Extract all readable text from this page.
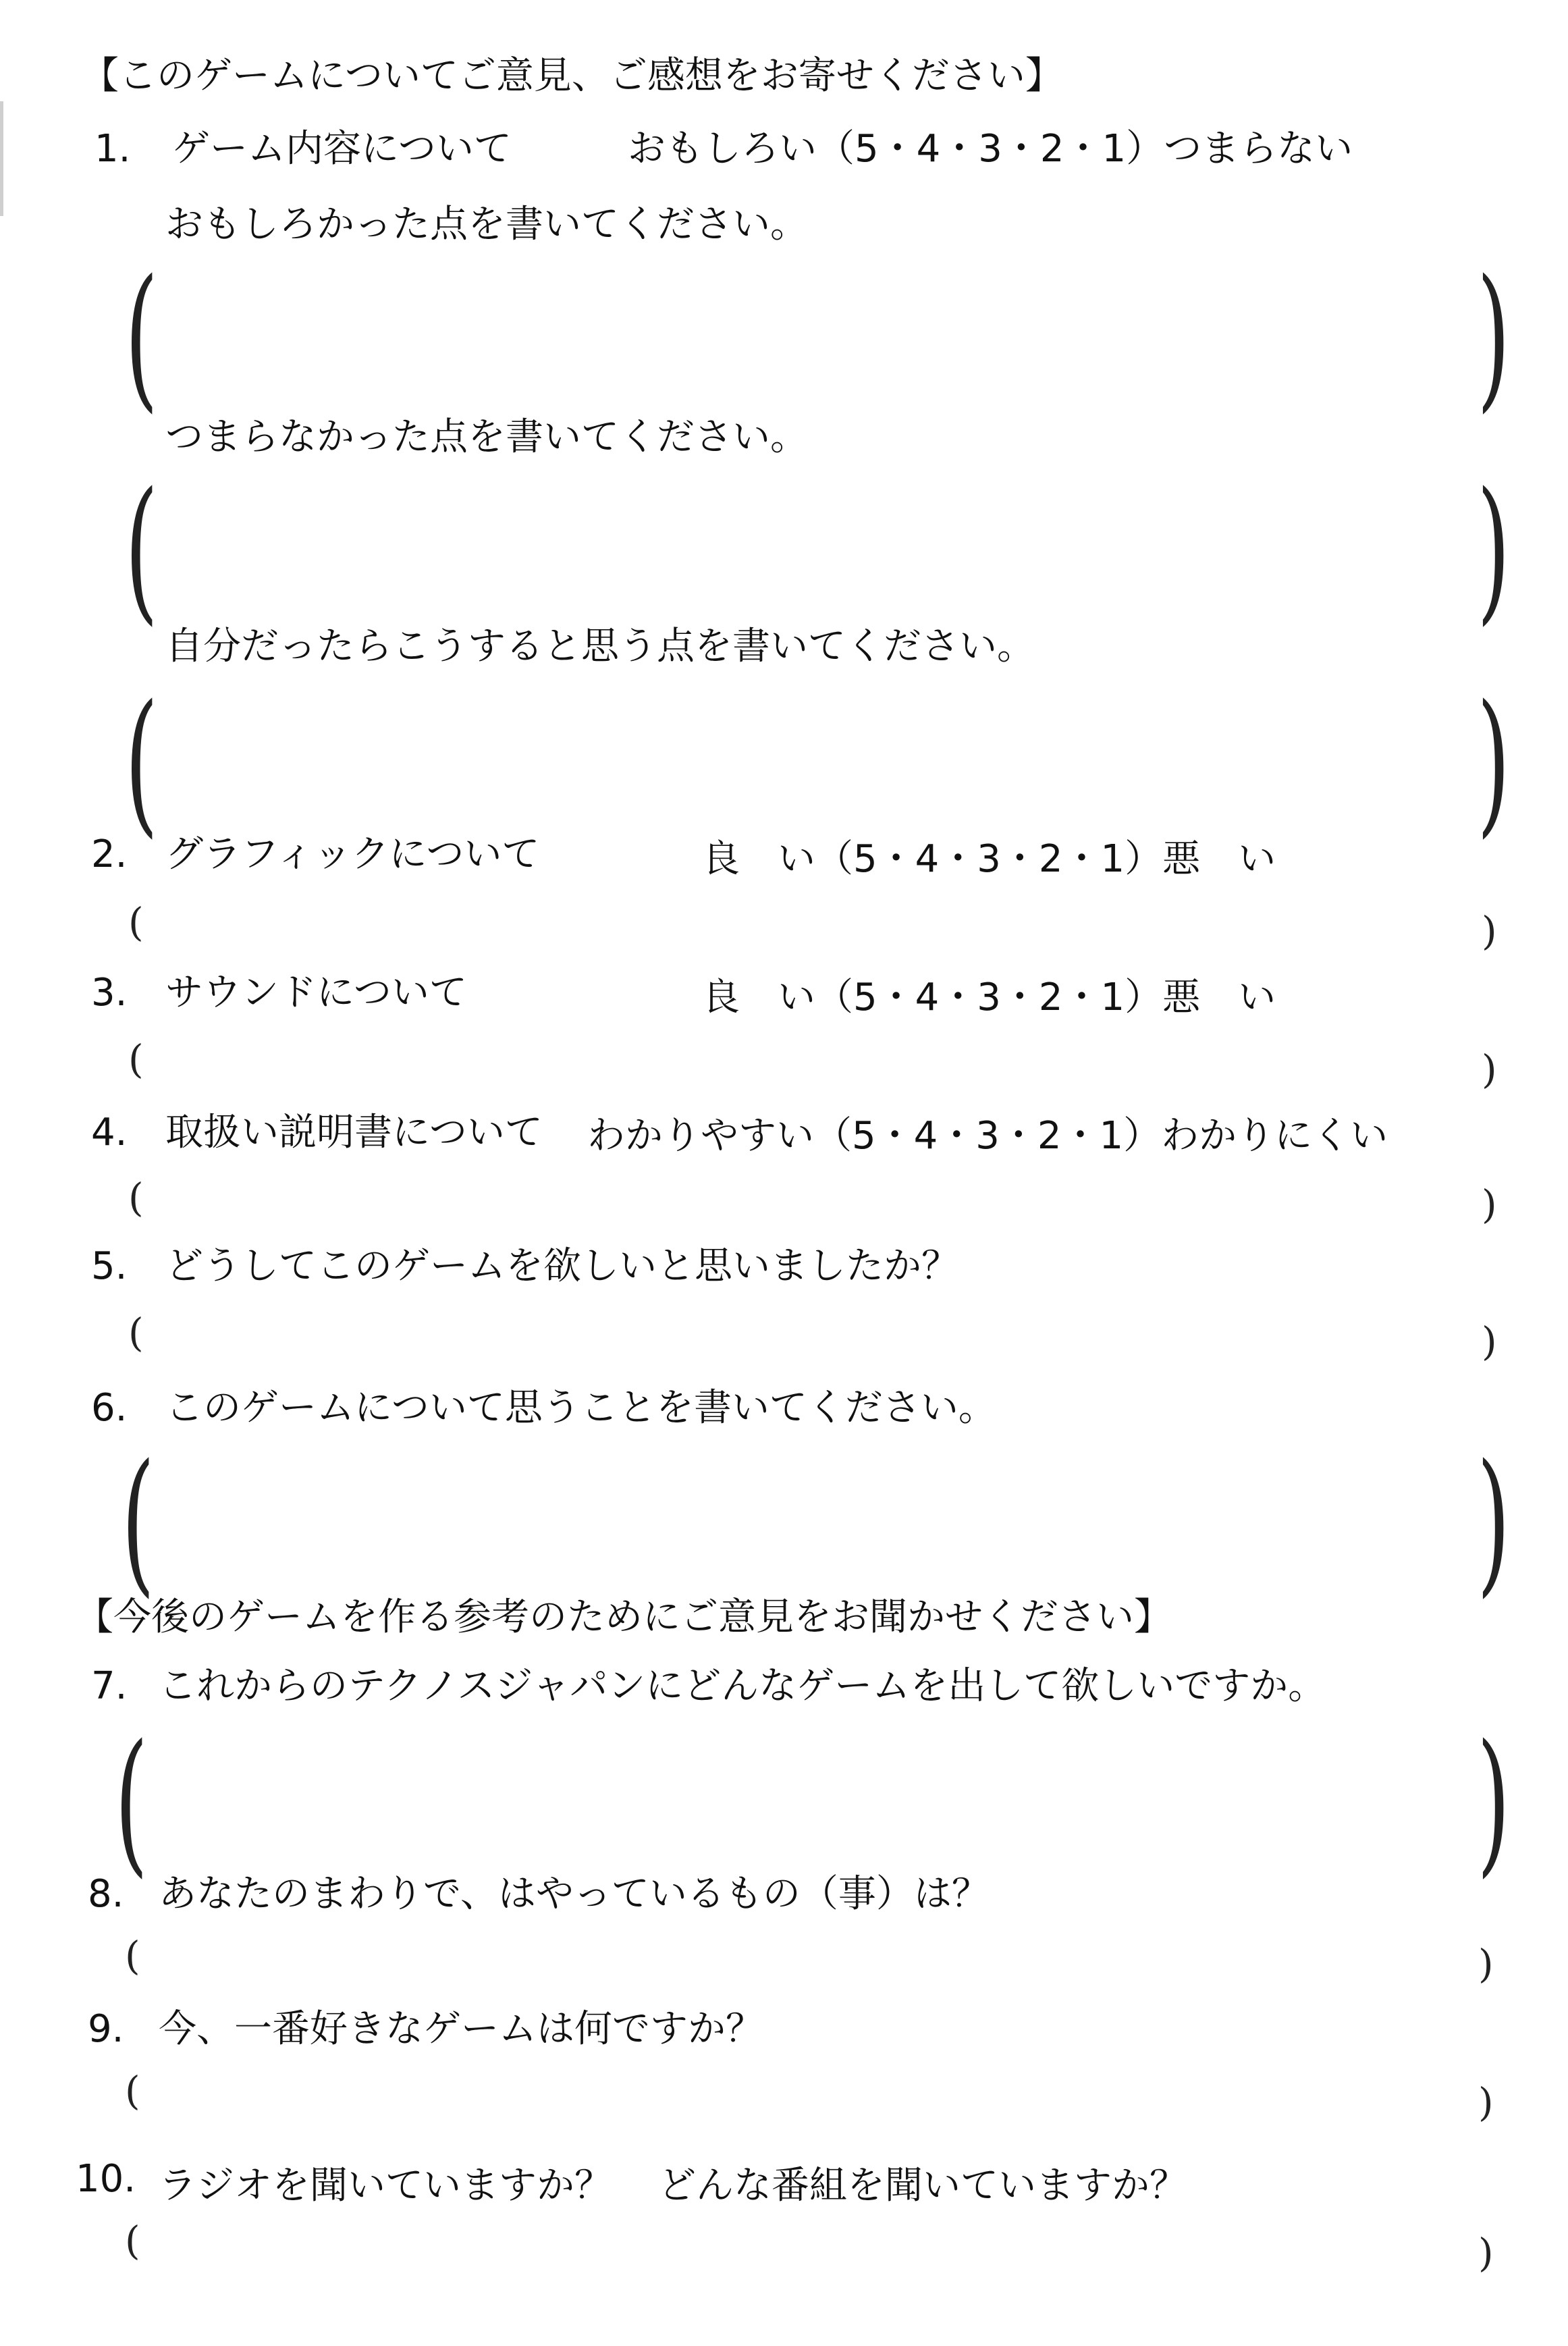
【このゲームについてご意見、ご感想をお寄せください】
1. ゲーム内容について	おもしろい（5・4・3・2・1）つまらない
おもしろかった点を書いてください。
(	)
つまらなかった点を書いてください。
(	)
自分だったらこうすると思う点を書いてください。
(	)
2. グラフィックについて	良　い（5・4・3・2・1）悪　い
(	)
3. サウンドについて	良　い（5・4・3・2・1）悪　い
(	)
4. 取扱い説明書について わかりやすい（5・4・3・2・1）わかりにくい
(	)
5. どうしてこのゲームを欲しいと思いましたか？
(	)
6. このゲームについて思うことを書いてください。
(	)
【今後のゲームを作る参考のためにご意見をお聞かせください】
7. これからのテクノスジャパンにどんなゲームを出して欲しいですか。
(	)
8. あなたのまわりで、はやっているもの（事）は？
(	)
9. 今、一番好きなゲームは何ですか？
(	)
10. ラジオを聞いていますか？ どんな番組を聞いていますか？
(	)
